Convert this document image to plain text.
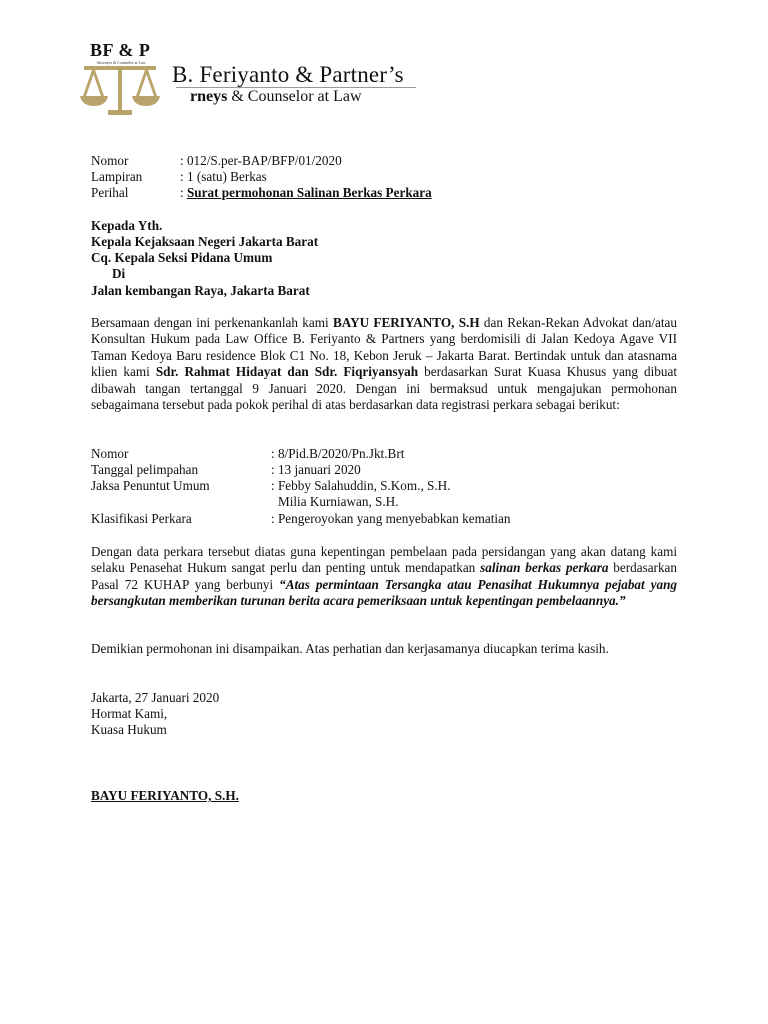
BF & P
Attorneys & Counselor at Law	B. Feriyanto & Partner’s
rneys & Counselor at Law
Nomor	: 012/S.per-BAP/BFP/01/2020
Lampiran	: 1 (satu) Berkas
Perihal	: Surat permohonan Salinan Berkas Perkara
Kepada Yth.
Kepala Kejaksaan Negeri Jakarta Barat
Cq. Kepala Seksi Pidana Umum
Di
Jalan kembangan Raya, Jakarta Barat
Bersamaan dengan ini perkenankanlah kami BAYU FERIYANTO, S.H dan Rekan-Rekan Advokat dan/atau Konsultan Hukum pada Law Office B. Feriyanto & Partners yang berdomisili di Jalan Kedoya Agave VII Taman Kedoya Baru residence Blok C1 No. 18, Kebon Jeruk – Jakarta Barat. Bertindak untuk dan atasnama klien kami Sdr. Rahmat Hidayat dan Sdr. Fiqriyansyah berdasarkan Surat Kuasa Khusus yang dibuat dibawah tangan tertanggal 9 Januari 2020. Dengan ini bermaksud untuk mengajukan permohonan sebagaimana tersebut pada pokok perihal di atas berdasarkan data registrasi perkara sebagai berikut:
Nomor	: 8/Pid.B/2020/Pn.Jkt.Brt
Tanggal pelimpahan	: 13 januari 2020
Jaksa Penuntut Umum	: Febby Salahuddin, S.Kom., S.H.
Milia Kurniawan, S.H.
Klasifikasi Perkara	: Pengeroyokan yang menyebabkan kematian
Dengan data perkara tersebut diatas guna kepentingan pembelaan pada persidangan yang akan datang kami selaku Penasehat Hukum sangat perlu dan penting untuk mendapatkan salinan berkas perkara berdasarkan Pasal 72 KUHAP yang berbunyi “Atas permintaan Tersangka atau Penasihat Hukumnya pejabat yang bersangkutan memberikan turunan berita acara pemeriksaan untuk kepentingan pembelaannya.”
Demikian permohonan ini disampaikan. Atas perhatian dan kerjasamanya diucapkan terima kasih.
Jakarta, 27 Januari 2020
Hormat Kami,
Kuasa Hukum
BAYU FERIYANTO, S.H.
